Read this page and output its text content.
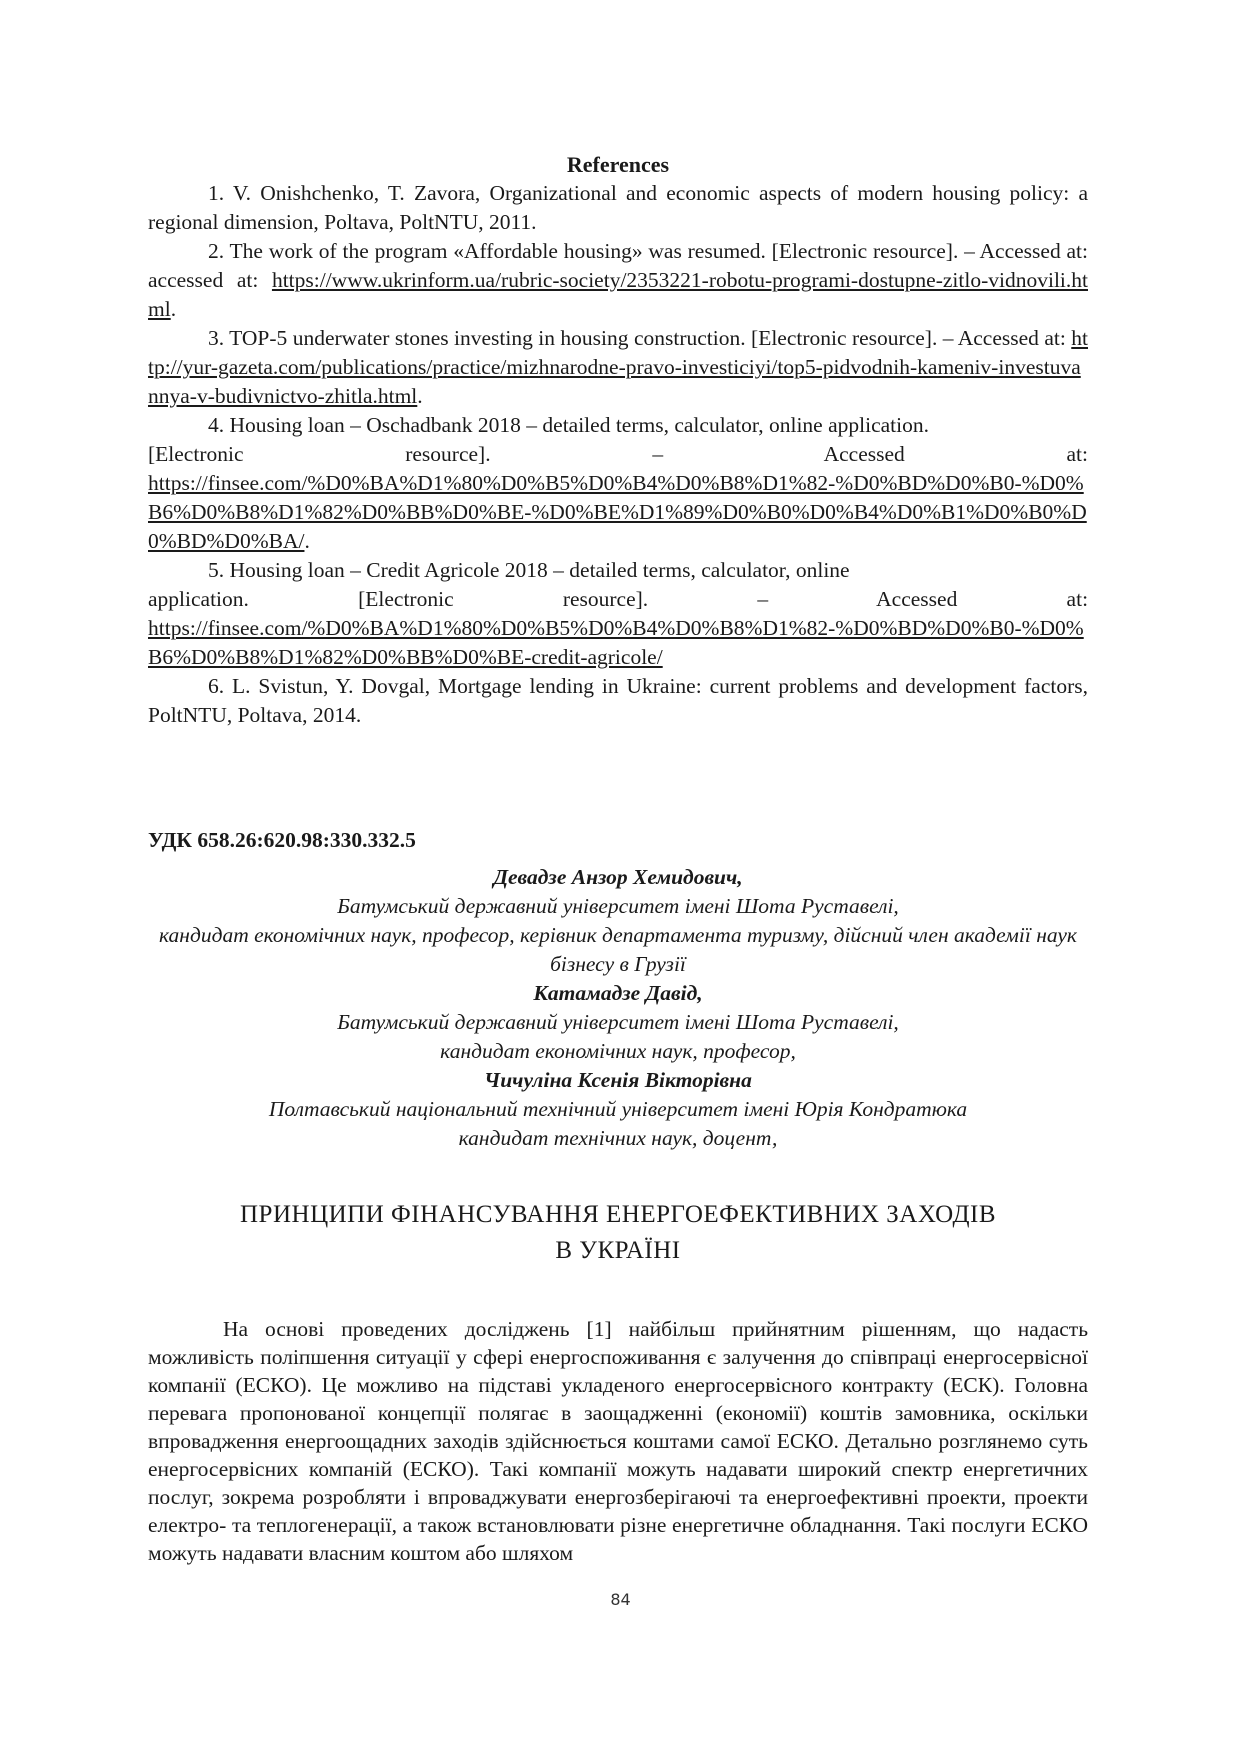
References

1. V. Onishchenko, T. Zavora, Organizational and economic aspects of modern housing policy: a regional dimension, Poltava, PoltNTU, 2011.

2. The work of the program «Affordable housing» was resumed. [Electronic resource]. – Accessed at: accessed at: https://www.ukrinform.ua/rubric-society/2353221-robotu-programi-dostupne-zitlo-vidnovili.html.

3. TOP-5 underwater stones investing in housing construction. [Electronic resource]. – Accessed at: http://yur-gazeta.com/publications/practice/mizhnarodne-pravo-investiciyi/top5-pidvodnih-kameniv-investuvannya-v-budivnictvo-zhitla.html.

4. Housing loan – Oschadbank 2018 – detailed terms, calculator, online application.

[Electronic	resource].	–	Accessed	at:

https://finsee.com/%D0%BA%D1%80%D0%B5%D0%B4%D0%B8%D1%82-%D0%BD%D0%B0-%D0%B6%D0%B8%D1%82%D0%BB%D0%BE-%D0%BE%D1%89%D0%B0%D0%B4%D0%B1%D0%B0%D0%BD%D0%BA/.

5. Housing loan – Credit Agricole 2018 – detailed terms, calculator, online

application.	[Electronic	resource].	–	Accessed	at:

https://finsee.com/%D0%BA%D1%80%D0%B5%D0%B4%D0%B8%D1%82-%D0%BD%D0%B0-%D0%B6%D0%B8%D1%82%D0%BB%D0%BE-credit-agricole/

6. L. Svistun, Y. Dovgal, Mortgage lending in Ukraine: current problems and development factors, PoltNTU, Poltava, 2014.

УДК 658.26:620.98:330.332.5

Девадзе Анзор Хемидович,

Батумський державний університет імені Шота Руставелі,

кандидат економічних наук, професор, керівник департамента туризму, дійсний член академії наук бізнесу в Грузії

Катамадзе Давід,

Батумський державний університет імені Шота Руставелі,

кандидат економічних наук, професор,

Чичуліна Ксенія Вікторівна

Полтавський національний технічний університет імені Юрія Кондратюка

кандидат технічних наук, доцент,

ПРИНЦИПИ ФІНАНСУВАННЯ ЕНЕРГОЕФЕКТИВНИХ ЗАХОДІВ
В УКРАЇНІ

На основі проведених досліджень [1] найбільш прийнятним рішенням, що надасть можливість поліпшення ситуації у сфері енергоспоживання є залучення до співпраці енергосервісної компанії (ЕСКО). Це можливо на підставі укладеного енергосервісного контракту (ЕСК). Головна перевага пропонованої концепції полягає в заощадженні (економії) коштів замовника, оскільки впровадження енергоощадних заходів здійснюється коштами самої ЕСКО. Детально розглянемо суть енергосервісних компаній (ЕСКО). Такі компанії можуть надавати широкий спектр енергетичних послуг, зокрема розробляти і впроваджувати енергозберігаючі та енергоефективні проекти, проекти електро- та теплогенерації, а також встановлювати різне енергетичне обладнання. Такі послуги ЕСКО можуть надавати власним коштом або шляхом

84
